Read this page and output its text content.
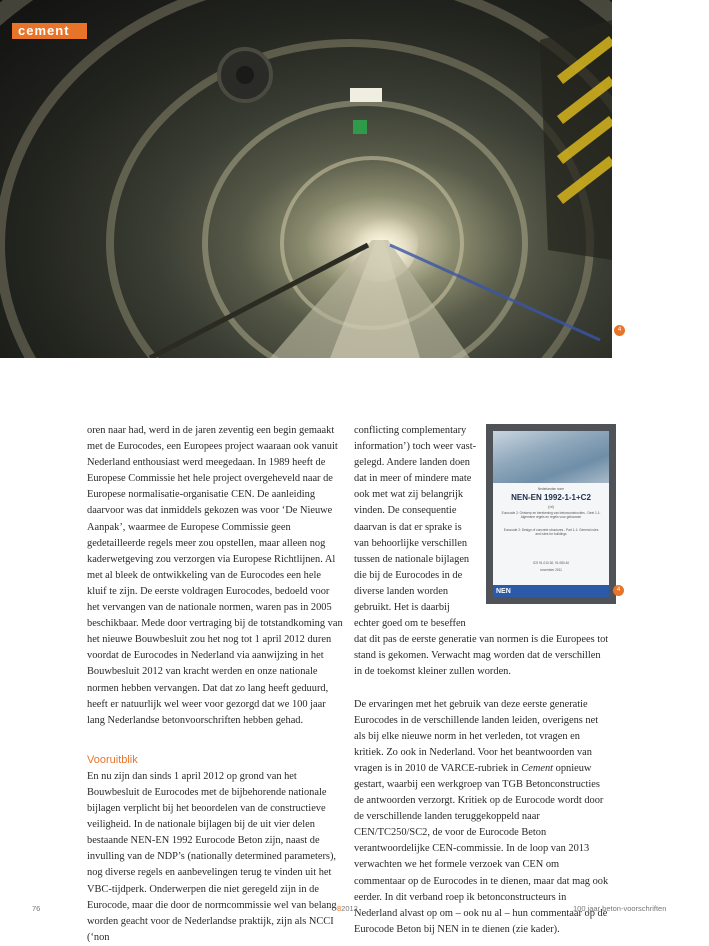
cement
4

oren naar had, werd in de jaren zeventig een begin gemaakt met de Eurocodes, een Europees project waaraan ook vanuit Nederland enthousiast werd meegedaan. In 1989 heeft de Europese Commissie het hele project overgeheveld naar de Europese normalisatie-organisatie CEN. De aanleiding daarvoor was dat inmiddels gekozen was voor ‘De Nieuwe Aanpak’, waarmee de Europese Commissie geen gedetailleerde regels meer zou opstellen, maar alleen nog kaderwetgeving zou verzorgen via Europese Richtlijnen. Al met al bleek de ontwikkeling van de Eurocodes een hele kluif te zijn. De eerste voldragen Eurocodes, bedoeld voor het vervangen van de nationale normen, waren pas in 2005 beschikbaar. Mede door vertraging bij de totstandkoming van het nieuwe Bouwbesluit zou het nog tot 1 april 2012 duren voordat de Eurocodes in Nederland via aanwijzing in het Bouwbesluit 2012 van kracht werden en onze nationale normen hebben vervangen. Dat dat zo lang heeft geduurd, heeft er natuurlijk wel weer voor gezorgd dat we 100 jaar lang Nederlandse betonvoorschriften hebben gehad.

Vooruitblik

En nu zijn dan sinds 1 april 2012 op grond van het Bouwbesluit de Eurocodes met de bijbehorende nationale bijlagen verplicht bij het beoordelen van de constructieve veiligheid. In de nationale bijlagen bij de uit vier delen bestaande NEN-EN 1992 Eurocode Beton zijn, naast de invulling van de NDP’s (nationally determined parameters), nog diverse regels en aanbevelingen terug te vinden uit het VBC-tijdperk. Onderwerpen die niet geregeld zijn in de Eurocode, maar die door de normcommissie wel van belang worden geacht voor de Nederlandse praktijk, zijn als NCCI (‘non

conflicting complementary
information’) toch weer vast-
gelegd. Andere landen doen
dat in meer of mindere mate
ook met wat zij belangrijk
vinden. De consequentie
daarvan is dat er sprake is
van behoorlijke verschillen
tussen de nationale bijlagen
die bij de Eurocodes in de
diverse landen worden
gebruikt. Het is daarbij
echter goed om te beseffen

dat dit pas de eerste generatie van normen is die Europees tot stand is gekomen. Verwacht mag worden dat de verschillen in de toekomst kleiner zullen worden.

De ervaringen met het gebruik van deze eerste generatie Eurocodes in de verschillende landen leiden, overigens net als bij elke nieuwe norm in het verleden, tot vragen en kritiek. Zo ook in Nederland. Voor het beantwoorden van vragen is in 2010 de VARCE-rubriek in Cement opnieuw gestart, waarbij een werkgroep van TGB Betonconstructies de antwoorden verzorgt. Kritiek op de Eurocode wordt door de verschillende landen teruggekoppeld naar CEN/TC250/SC2, de voor de Eurocode Beton verantwoordelijke CEN-commissie. In de loop van 2013 verwachten we het formele verzoek van CEN om commentaar op de Eurocodes in te dienen, maar dat mag ook eerder. In dit verband roep ik betonconstructeurs in Nederland alvast op om – ook nu al – hun commentaar op de Eurocode Beton bij NEN in te dienen (zie kader).

Nederlandse norm
NEN-EN 1992-1-1+C2
(nl)
Eurocode 2: Ontwerp en berekening van betonconstructies - Deel 1-1: Algemene regels en regels voor gebouwen
Eurocode 2: Design of concrete structures - Part 1-1: General rules and rules for buildings
ICS 91.010.30; 91.080.40
november 2011
NEN	4
76	82012	100 jaar beton-voorschriften
